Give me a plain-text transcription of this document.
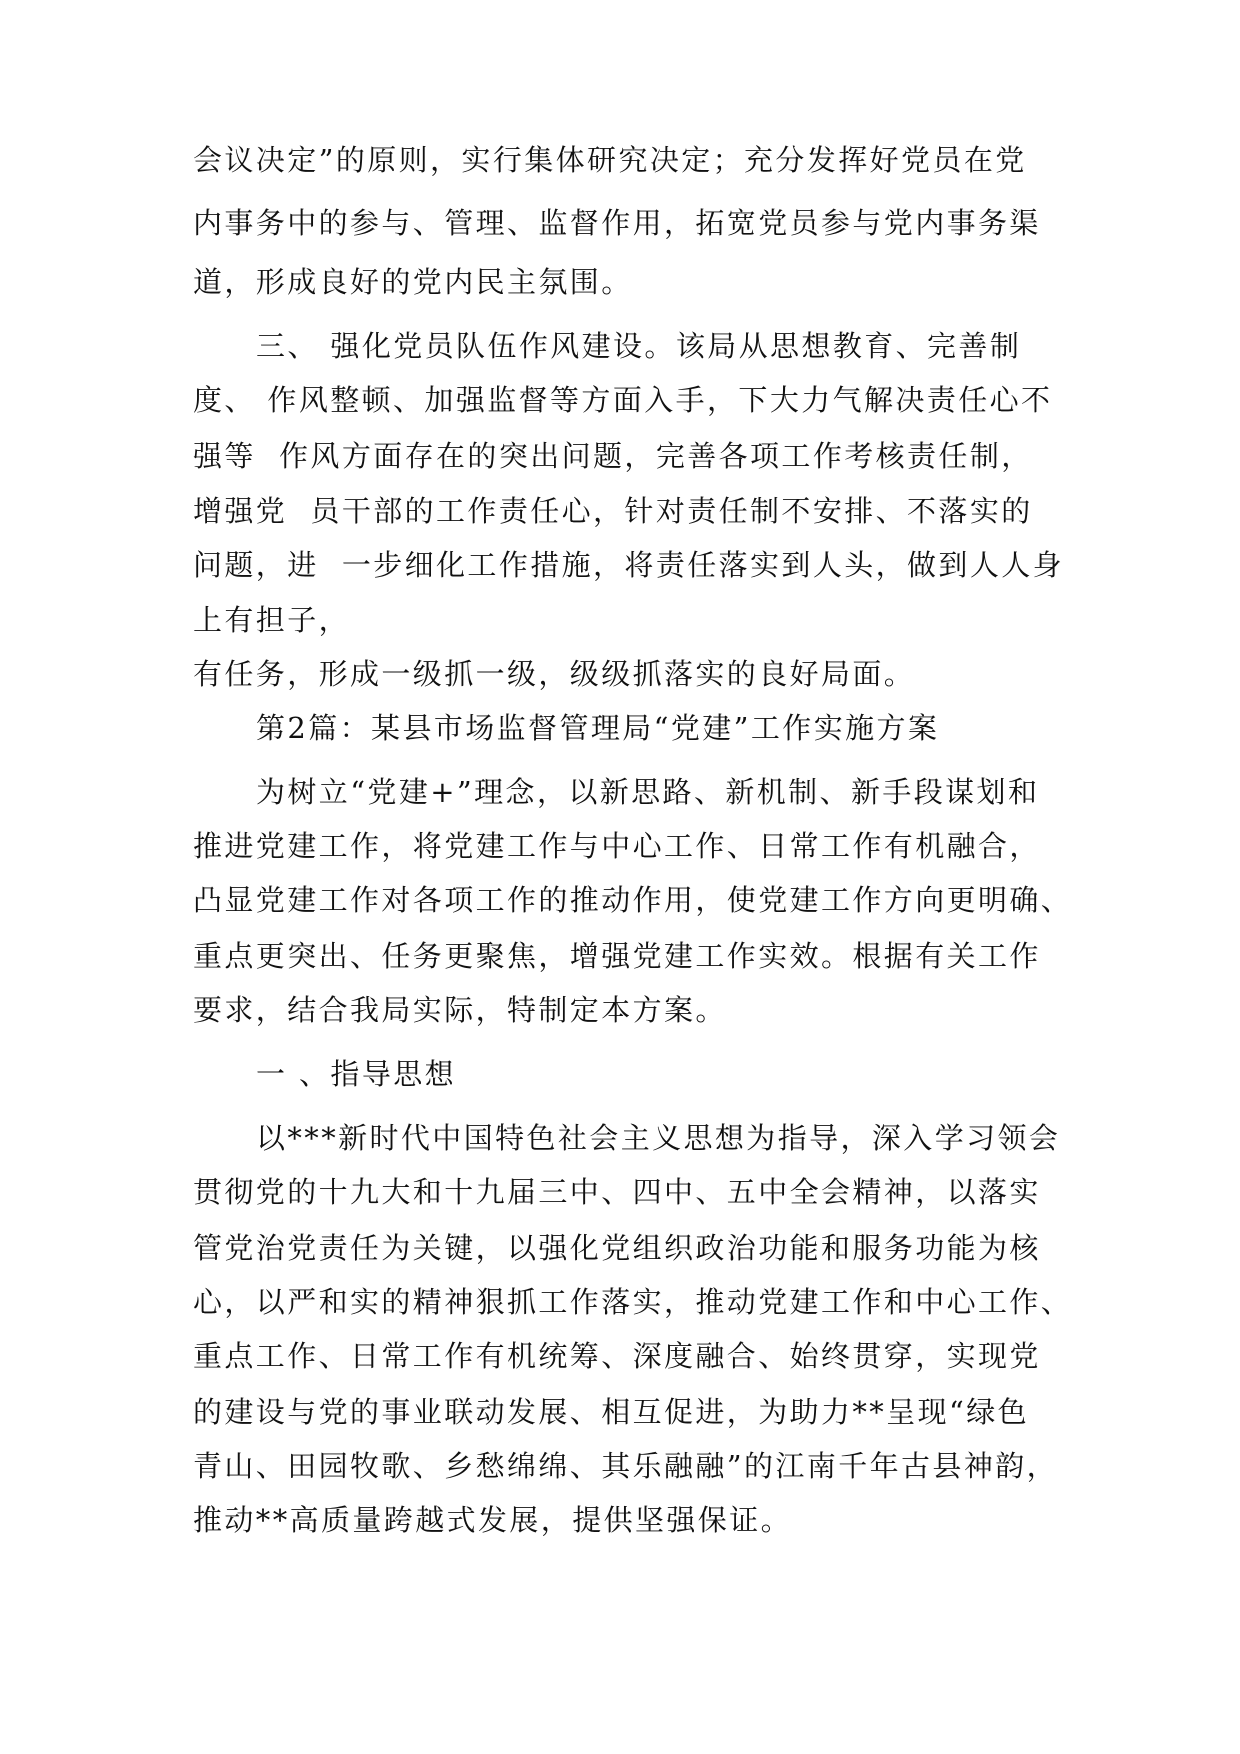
会议决定”的原则，实行集体研究决定；充分发挥好党员在党

内事务中的参与、管理、监督作用，拓宽党员参与党内事务渠

道，形成良好的党内民主氛围。

三、 强化党员队伍作风建设。该局从思想教育、完善制

度、 作风整顿、加强监督等方面入手，下大力气解决责任心不

强等  作风方面存在的突出问题，完善各项工作考核责任制，

增强党  员干部的工作责任心，针对责任制不安排、不落实的

问题，进  一步细化工作措施，将责任落实到人头，做到人人身

上有担子，

有任务，形成一级抓一级，级级抓落实的良好局面。

第2篇：某县市场监督管理局“党建”工作实施方案

为树立“党建+”理念，以新思路、新机制、新手段谋划和

推进党建工作，将党建工作与中心工作、日常工作有机融合，

凸显党建工作对各项工作的推动作用，使党建工作方向更明确、

重点更突出、任务更聚焦，增强党建工作实效。根据有关工作

要求，结合我局实际，特制定本方案。

一 、指导思想

以***新时代中国特色社会主义思想为指导，深入学习领会

贯彻党的十九大和十九届三中、四中、五中全会精神，以落实

管党治党责任为关键，以强化党组织政治功能和服务功能为核

心，以严和实的精神狠抓工作落实，推动党建工作和中心工作、

重点工作、日常工作有机统筹、深度融合、始终贯穿，实现党

的建设与党的事业联动发展、相互促进，为助力**呈现“绿色

青山、田园牧歌、乡愁绵绵、其乐融融”的江南千年古县神韵，

推动**高质量跨越式发展，提供坚强保证。
